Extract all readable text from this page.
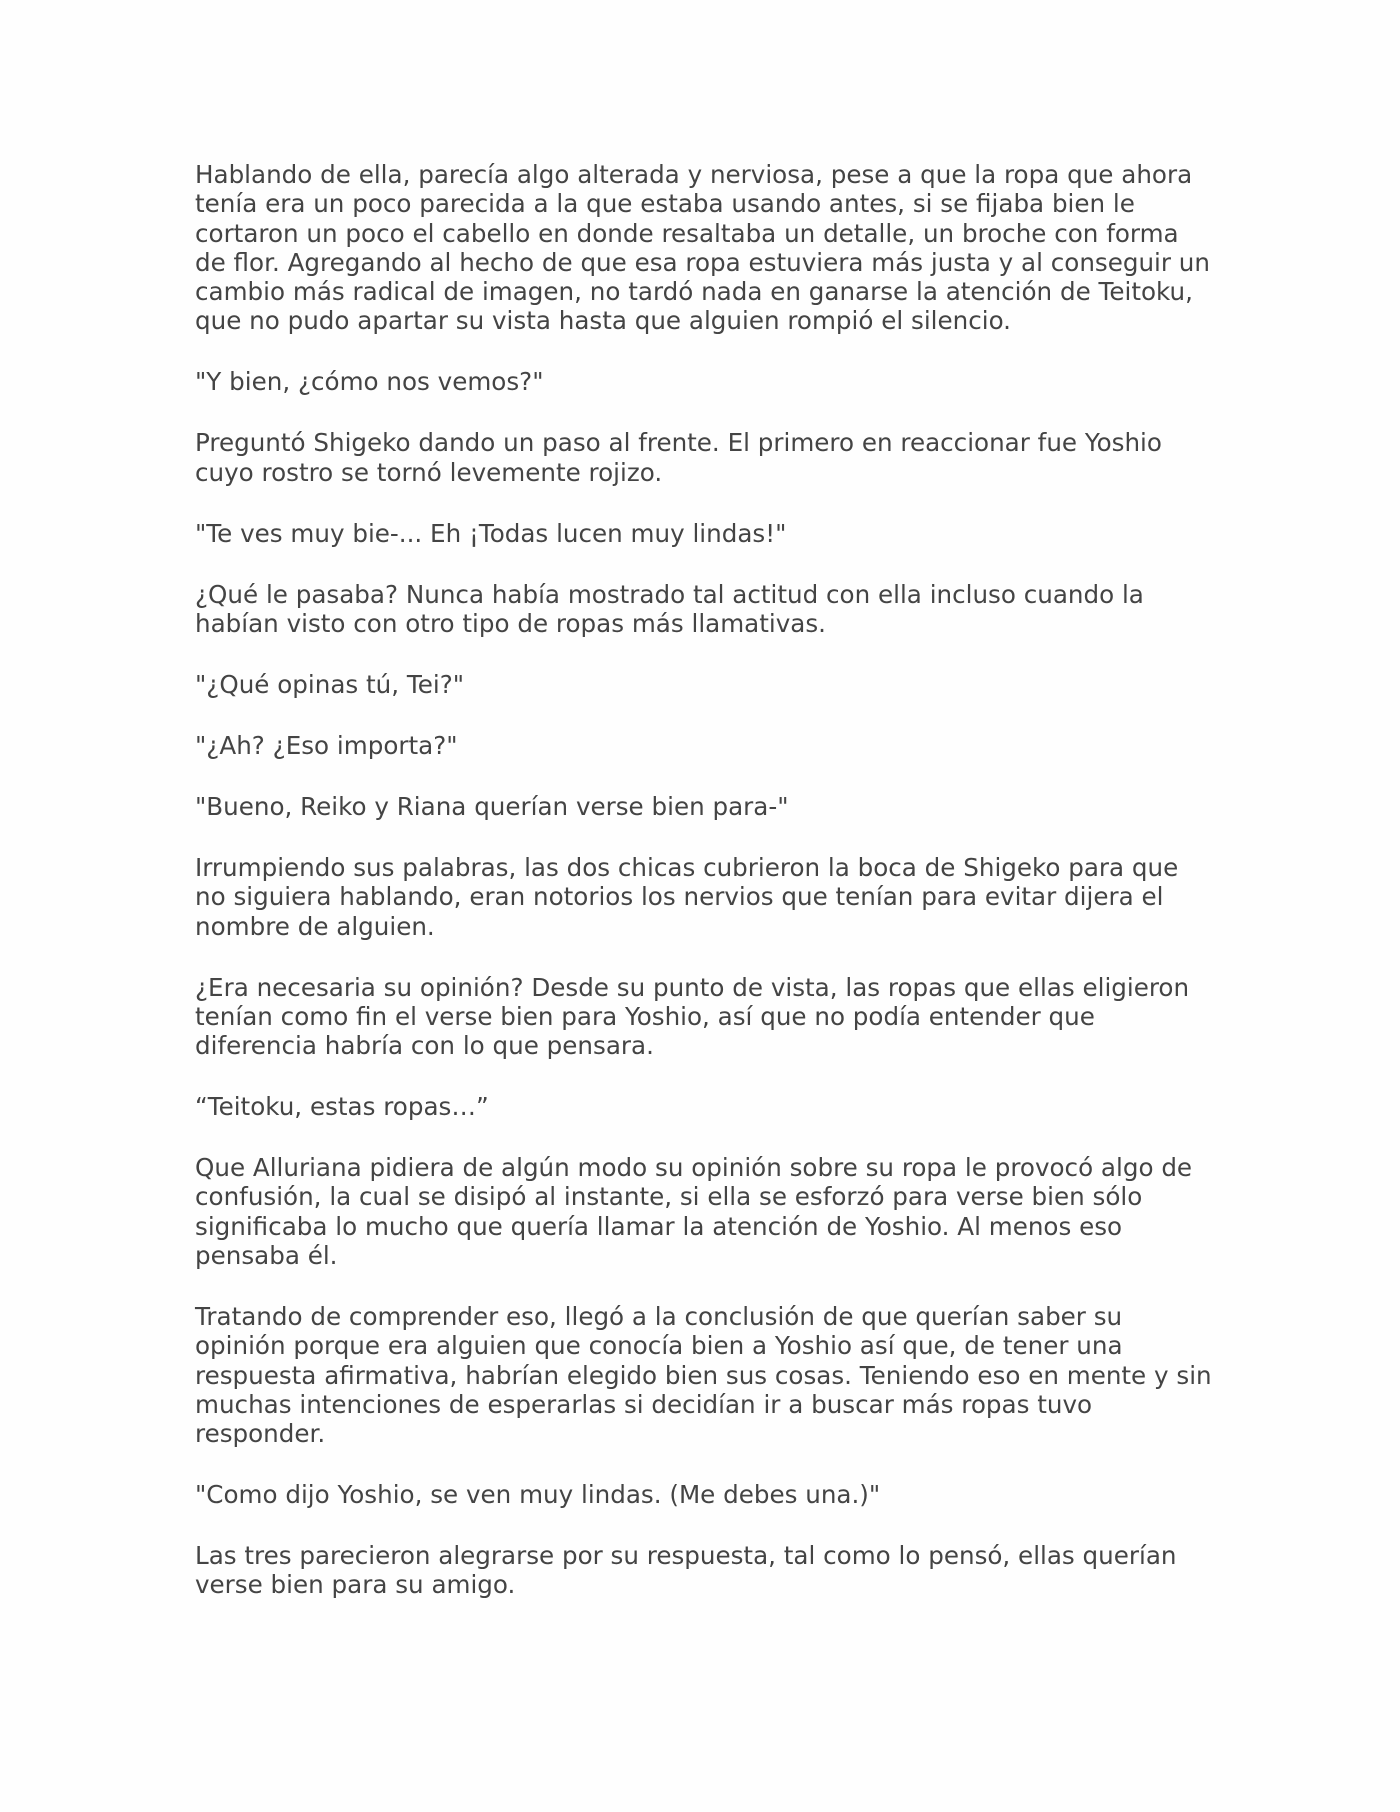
Hablando de ella, parecía algo alterada y nerviosa, pese a que la ropa que ahora tenía era un poco parecida a la que estaba usando antes, si se fijaba bien le cortaron un poco el cabello en donde resaltaba un detalle, un broche con forma de flor. Agregando al hecho de que esa ropa estuviera más justa y al conseguir un cambio más radical de imagen, no tardó nada en ganarse la atención de Teitoku, que no pudo apartar su vista hasta que alguien rompió el silencio.

"Y bien, ¿cómo nos vemos?"

Preguntó Shigeko dando un paso al frente. El primero en reaccionar fue Yoshio cuyo rostro se tornó levemente rojizo.

"Te ves muy bie-... Eh ¡Todas lucen muy lindas!"

¿Qué le pasaba? Nunca había mostrado tal actitud con ella incluso cuando la habían visto con otro tipo de ropas más llamativas.

"¿Qué opinas tú, Tei?"

"¿Ah? ¿Eso importa?"

"Bueno, Reiko y Riana querían verse bien para-"

Irrumpiendo sus palabras, las dos chicas cubrieron la boca de Shigeko para que no siguiera hablando, eran notorios los nervios que tenían para evitar dijera el nombre de alguien.

¿Era necesaria su opinión? Desde su punto de vista, las ropas que ellas eligieron tenían como fin el verse bien para Yoshio, así que no podía entender que diferencia habría con lo que pensara.

“Teitoku, estas ropas…”

Que Alluriana pidiera de algún modo su opinión sobre su ropa le provocó algo de confusión, la cual se disipó al instante, si ella se esforzó para verse bien sólo significaba lo mucho que quería llamar la atención de Yoshio. Al menos eso pensaba él.

Tratando de comprender eso, llegó a la conclusión de que querían saber su opinión porque era alguien que conocía bien a Yoshio así que, de tener una respuesta afirmativa, habrían elegido bien sus cosas. Teniendo eso en mente y sin muchas intenciones de esperarlas si decidían ir a buscar más ropas tuvo responder.

"Como dijo Yoshio, se ven muy lindas. (Me debes una.)"

Las tres parecieron alegrarse por su respuesta, tal como lo pensó, ellas querían verse bien para su amigo.
